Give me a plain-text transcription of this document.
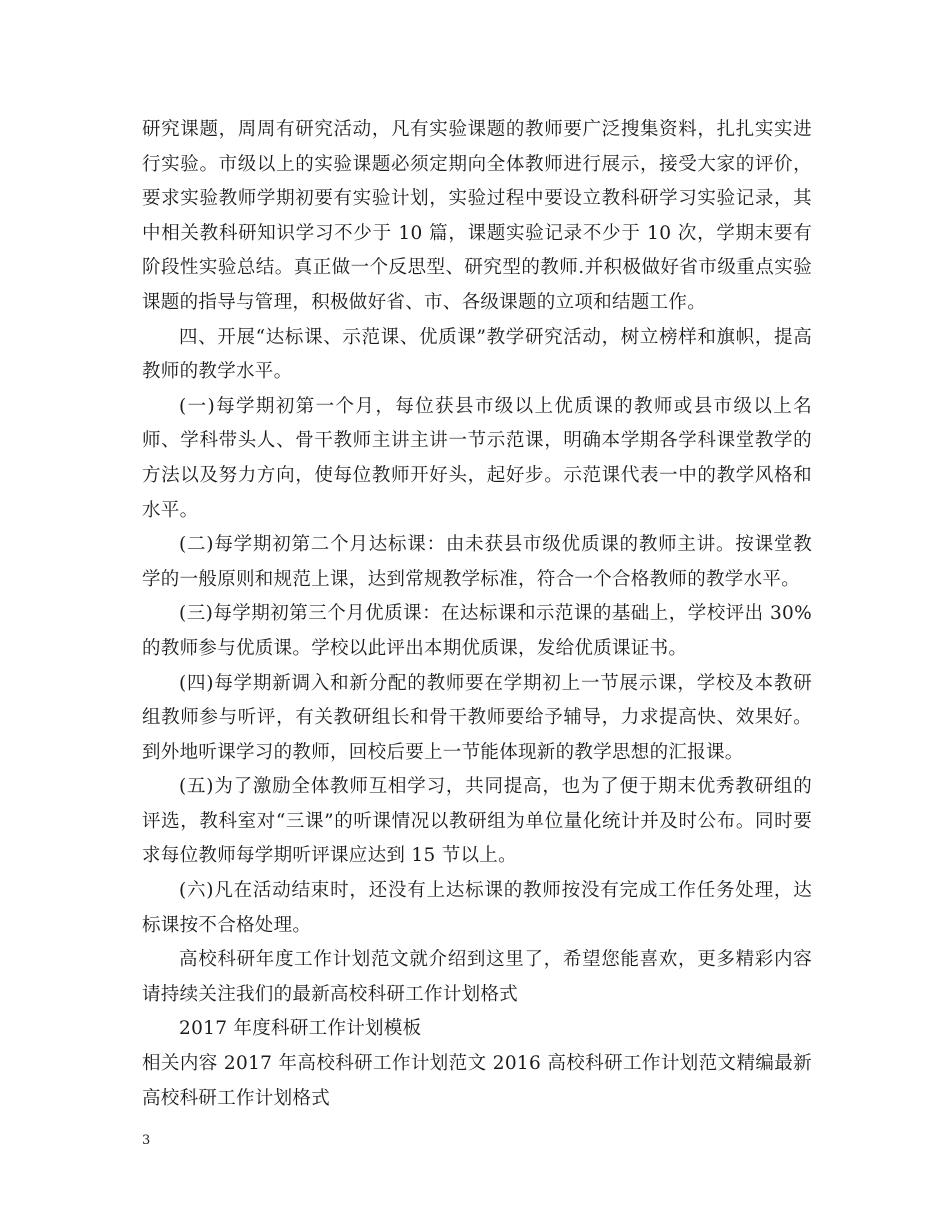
研究课题，周周有研究活动，凡有实验课题的教师要广泛搜集资料，扎扎实实进行实验。市级以上的实验课题必须定期向全体教师进行展示，接受大家的评价，要求实验教师学期初要有实验计划，实验过程中要设立教科研学习实验记录，其中相关教科研知识学习不少于 10 篇，课题实验记录不少于 10 次，学期末要有阶段性实验总结。真正做一个反思型、研究型的教师.并积极做好省市级重点实验课题的指导与管理，积极做好省、市、各级课题的立项和结题工作。

四、开展“达标课、示范课、优质课”教学研究活动，树立榜样和旗帜，提高教师的教学水平。

(一)每学期初第一个月，每位获县市级以上优质课的教师或县市级以上名师、学科带头人、骨干教师主讲主讲一节示范课，明确本学期各学科课堂教学的方法以及努力方向，使每位教师开好头，起好步。示范课代表一中的教学风格和水平。

(二)每学期初第二个月达标课：由未获县市级优质课的教师主讲。按课堂教学的一般原则和规范上课，达到常规教学标准，符合一个合格教师的教学水平。

(三)每学期初第三个月优质课：在达标课和示范课的基础上，学校评出 30%的教师参与优质课。学校以此评出本期优质课，发给优质课证书。

(四)每学期新调入和新分配的教师要在学期初上一节展示课，学校及本教研组教师参与听评，有关教研组长和骨干教师要给予辅导，力求提高快、效果好。到外地听课学习的教师，回校后要上一节能体现新的教学思想的汇报课。

(五)为了激励全体教师互相学习，共同提高，也为了便于期末优秀教研组的评选，教科室对“三课”的听课情况以教研组为单位量化统计并及时公布。同时要求每位教师每学期听评课应达到 15 节以上。

(六)凡在活动结束时，还没有上达标课的教师按没有完成工作任务处理，达标课按不合格处理。

高校科研年度工作计划范文就介绍到这里了，希望您能喜欢，更多精彩内容请持续关注我们的最新高校科研工作计划格式

2017 年度科研工作计划模板

相关内容 2017 年高校科研工作计划范文 2016 高校科研工作计划范文精编最新高校科研工作计划格式

3
